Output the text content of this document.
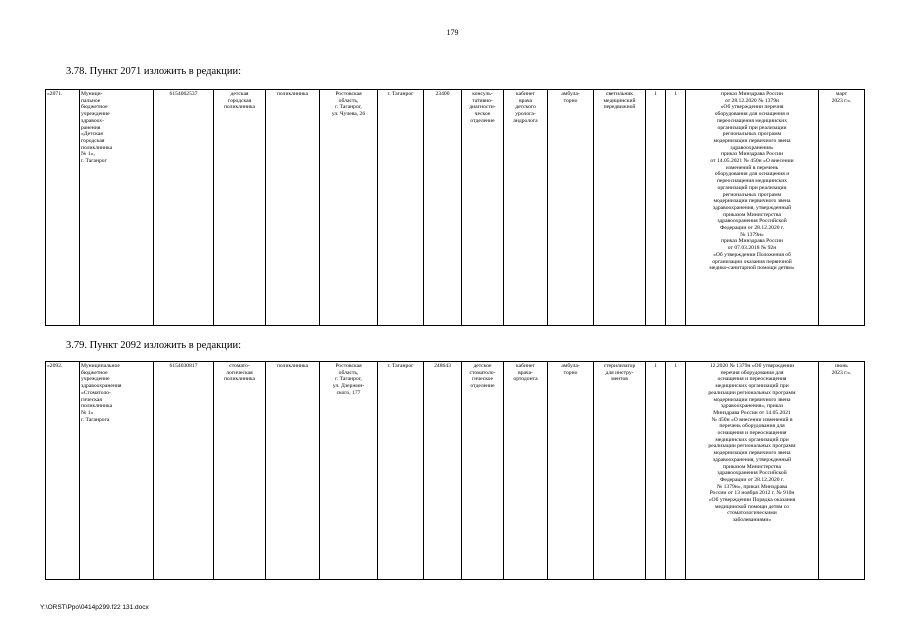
179
3.78. Пункт 2071 изложить в редакции:
«2071.	Муници-
пальное
бюджетное
учреждение
здравоох-
ранения
«Детская
городская
поликлиника
№ 1»,
г. Таганрог	6154062537	детская
городская
поликлиника	поликлиника	Ростовская
область,
г. Таганрог,
ул. Чучева, 26	г. Таганрог	23400	консуль-
тативно-
диагности-
ческое
отделение	кабинет
врача
детского
уролога-
андролога	амбула-
торно	светильник
медицинский
передвижной	1	1	приказ Минздрава России
от 28.12.2020 № 1379н
«Об утверждении перечня
оборудования для оснащения и
переоснащения медицинских
организаций при реализации
региональных программ
модернизации первичного звена
здравоохранения»
приказ Минздрава России
от 14.05.2021 № 450н «О внесении
изменений в перечень
оборудования для оснащения и
переоснащения медицинских
организаций при реализации
региональных программ
модернизации первичного звена
здравоохранения, утвержденный
приказом Министерства
здравоохранения Российской
Федерации от 28.12.2020 г.
№ 1379н»
приказ Минздрава России
от 07.03.2018 № 92н
«Об утверждении Положения об
организации оказания первичной
медико-санитарной помощи детям»	март
2023 г.».
3.79. Пункт 2092 изложить в редакции:
«2092.	Муниципальное
бюджетное
учреждение
здравоохранения
«Стоматоло-
гическая
поликлиника
№ 1»
г. Таганрога	6154030817	стомато-
логическая
поликлиника	поликлиника	Ростовская
область,
г. Таганрог,
ул. Дзержин-
ского, 177	г. Таганрог	248643	детское
стоматоло-
гическое
отделение	кабинет
врача-
ортодонта	амбула-
торно	стерилизатор
для инстру-
ментов	1	1	12.2020 № 1379н «Об утверждении
перечня оборудования для
оснащения и переоснащения
медицинских организаций при
реализации региональных программ
модернизации первичного звена
здравоохранения», приказ
Минздрава России от 14.05.2021
№ 450н «О внесении изменений в
перечень оборудования для
оснащения и переоснащения
медицинских организаций при
реализации региональных программ
модернизации первичного звена
здравоохранения, утвержденный
приказом Министерства
здравоохранения Российской
Федерации от 28.12.2020 г.
№ 1379н», приказ Минздрава
России от 13 ноября 2012 г. № 910н
«Об утверждении Порядка оказания
медицинской помощи детям со
стоматологическими
заболеваниями»	июнь
2023 г.».
Y:\ORST\Ppo\0414p299.f22 131.docx
